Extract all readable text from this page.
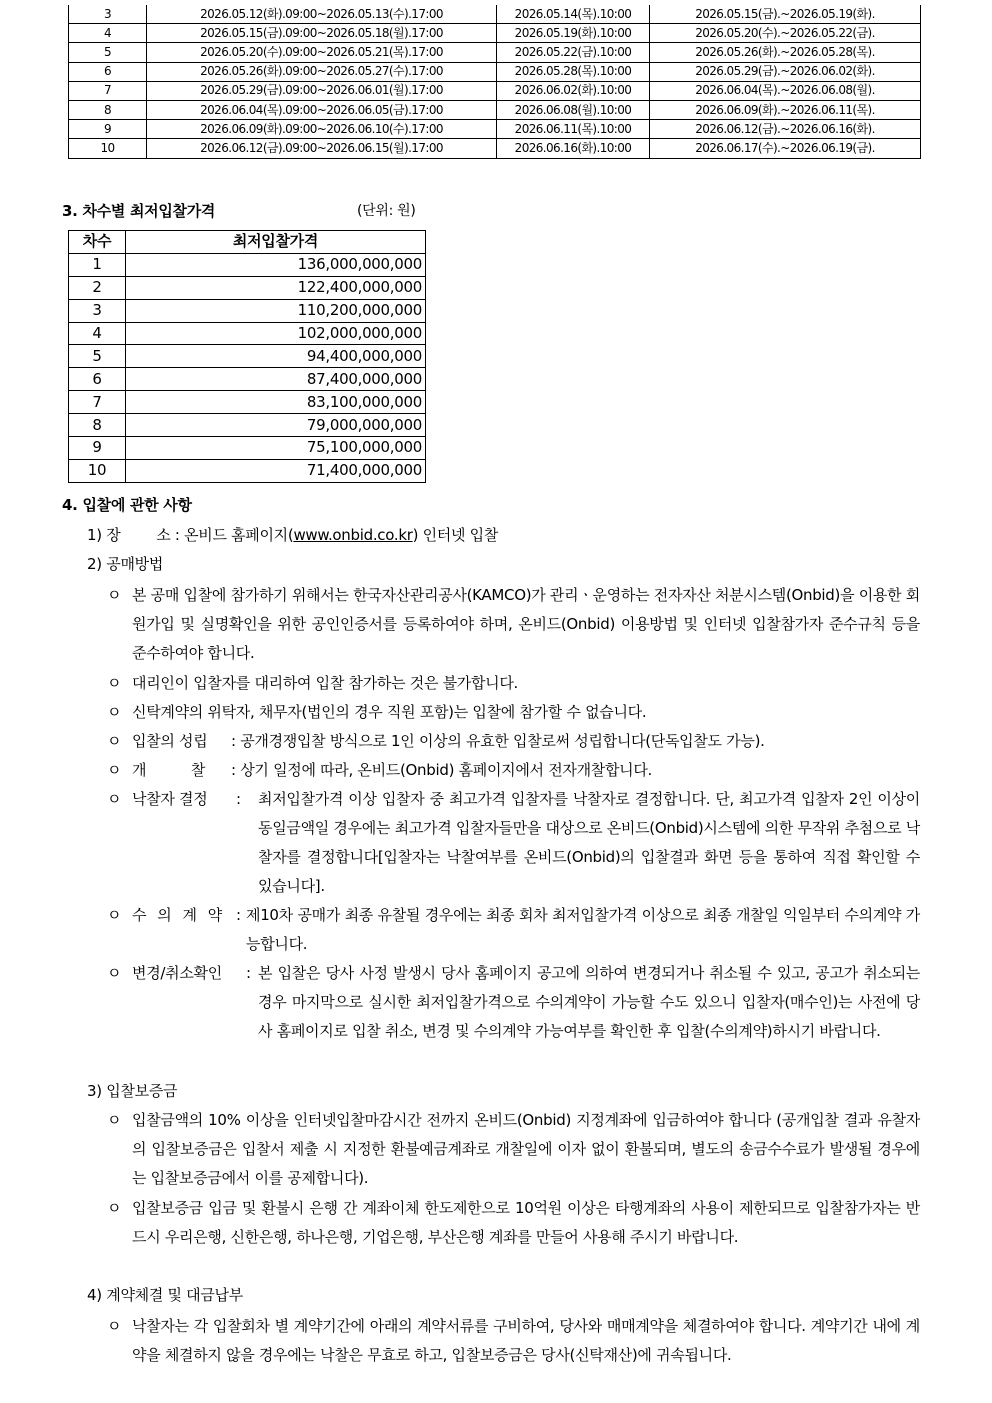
3	2026.05.12(화).09:00~2026.05.13(수).17:00	2026.05.14(목).10:00	2026.05.15(금).~2026.05.19(화).
4	2026.05.15(금).09:00~2026.05.18(월).17:00	2026.05.19(화).10:00	2026.05.20(수).~2026.05.22(금).
5	2026.05.20(수).09:00~2026.05.21(목).17:00	2026.05.22(금).10:00	2026.05.26(화).~2026.05.28(목).
6	2026.05.26(화).09:00~2026.05.27(수).17:00	2026.05.28(목).10:00	2026.05.29(금).~2026.06.02(화).
7	2026.05.29(금).09:00~2026.06.01(월).17:00	2026.06.02(화).10:00	2026.06.04(목).~2026.06.08(월).
8	2026.06.04(목).09:00~2026.06.05(금).17:00	2026.06.08(월).10:00	2026.06.09(화).~2026.06.11(목).
9	2026.06.09(화).09:00~2026.06.10(수).17:00	2026.06.11(목).10:00	2026.06.12(금).~2026.06.16(화).
10	2026.06.12(금).09:00~2026.06.15(월).17:00	2026.06.16(화).10:00	2026.06.17(수).~2026.06.19(금).
3. 차수별 최저입찰가격	(단위: 원)
차수	최저입찰가격
1	136,000,000,000
2	122,400,000,000
3	110,200,000,000
4	102,000,000,000
5	94,400,000,000
6	87,400,000,000
7	83,100,000,000
8	79,000,000,000
9	75,100,000,000
10	71,400,000,000
4. 입찰에 관한 사항
1) 장        소 : 온비드 홈페이지(www.onbid.co.kr) 인터넷 입찰
2) 공매방법
ㅇ 본 공매 입찰에 참가하기 위해서는 한국자산관리공사(KAMCO)가 관리ㆍ운영하는 전자자산 처분시스템(Onbid)을 이용한 회원가입 및 실명확인을 위한 공인인증서를 등록하여야 하며, 온비드(Onbid) 이용방법 및 인터넷 입찰참가자 준수규칙 등을 준수하여야 합니다.
ㅇ 대리인이 입찰자를 대리하여 입찰 참가하는 것은 불가합니다.
ㅇ 신탁계약의 위탁자, 채무자(법인의 경우 직원 포함)는 입찰에 참가할 수 없습니다.
ㅇ 입찰의 성립 : 공개경쟁입찰 방식으로 1인 이상의 유효한 입찰로써 성립합니다(단독입찰도 가능).
ㅇ 개          찰 : 상기 일정에 따라, 온비드(Onbid) 홈페이지에서 전자개찰합니다.
ㅇ 낙찰자 결정 : 최저입찰가격 이상 입찰자 중 최고가격 입찰자를 낙찰자로 결정합니다. 단, 최고가격 입찰자 2인 이상이 동일금액일 경우에는 최고가격 입찰자들만을 대상으로 온비드(Onbid)시스템에 의한 무작위 추첨으로 낙찰자를 결정합니다[입찰자는 낙찰여부를 온비드(Onbid)의 입찰결과 화면 등을 통하여 직접 확인할 수 있습니다].
ㅇ 수 의 계 약 : 제10차 공매가 최종 유찰될 경우에는 최종 회차 최저입찰가격 이상으로 최종 개찰일 익일부터 수의계약 가능합니다.
ㅇ 변경/취소확인 : 본 입찰은 당사 사정 발생시 당사 홈페이지 공고에 의하여 변경되거나 취소될 수 있고, 공고가 취소되는 경우 마지막으로 실시한 최저입찰가격으로 수의계약이 가능할 수도 있으니 입찰자(매수인)는 사전에 당사 홈페이지로 입찰 취소, 변경 및 수의계약 가능여부를 확인한 후 입찰(수의계약)하시기 바랍니다.
3) 입찰보증금
ㅇ 입찰금액의 10% 이상을 인터넷입찰마감시간 전까지 온비드(Onbid) 지정계좌에 입금하여야 합니다 (공개입찰 결과 유찰자의 입찰보증금은 입찰서 제출 시 지정한 환불예금계좌로 개찰일에 이자 없이 환불되며, 별도의 송금수수료가 발생될 경우에는 입찰보증금에서 이를 공제합니다).
ㅇ 입찰보증금 입금 및 환불시 은행 간 계좌이체 한도제한으로 10억원 이상은 타행계좌의 사용이 제한되므로 입찰참가자는 반드시 우리은행, 신한은행, 하나은행, 기업은행, 부산은행 계좌를 만들어 사용해 주시기 바랍니다.
4) 계약체결 및 대금납부
ㅇ 낙찰자는 각 입찰회차 별 계약기간에 아래의 계약서류를 구비하여, 당사와 매매계약을 체결하여야 합니다. 계약기간 내에 계약을 체결하지 않을 경우에는 낙찰은 무효로 하고, 입찰보증금은 당사(신탁재산)에 귀속됩니다.
